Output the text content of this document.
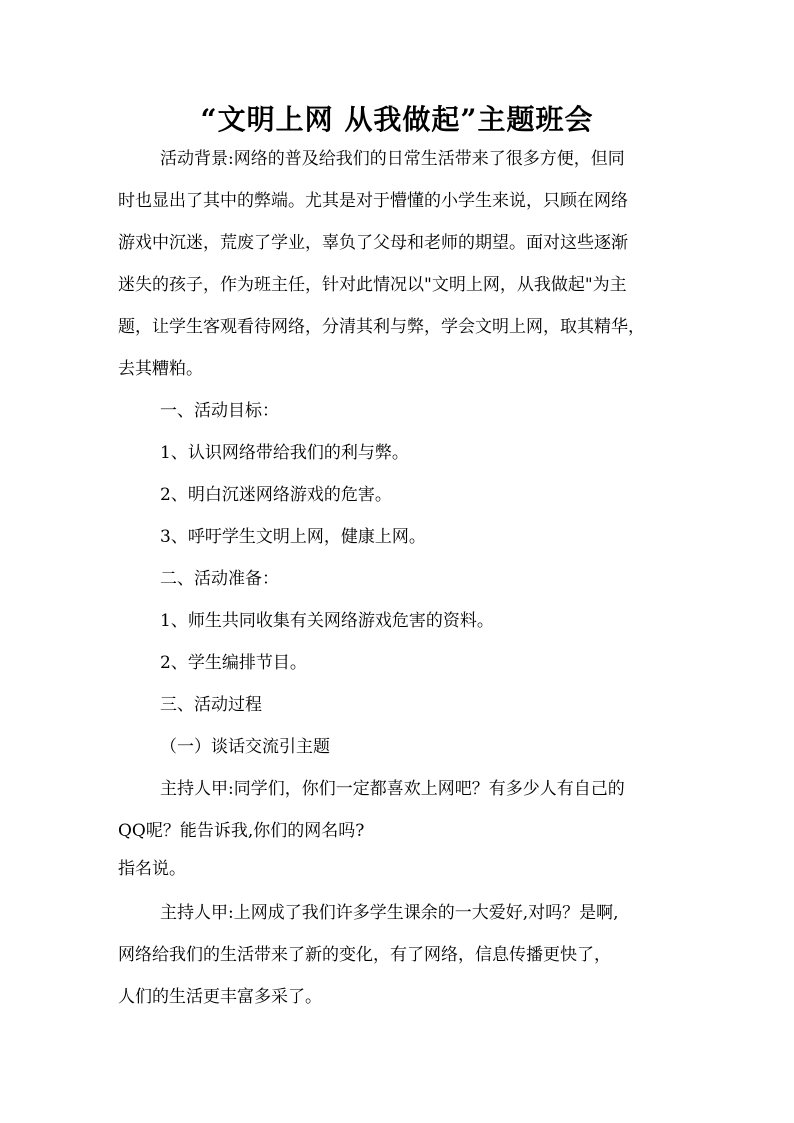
“文明上网 从我做起”主题班会
活动背景:网络的普及给我们的日常生活带来了很多方便，但同
时也显出了其中的弊端。尤其是对于懵懂的小学生来说，只顾在网络
游戏中沉迷，荒废了学业，辜负了父母和老师的期望。面对这些逐渐
迷失的孩子，作为班主任，针对此情况以"文明上网，从我做起"为主
题，让学生客观看待网络，分清其利与弊，学会文明上网，取其精华，
去其糟粕。
一、活动目标：
1、认识网络带给我们的利与弊。
2、明白沉迷网络游戏的危害。
3、呼吁学生文明上网，健康上网。
二、活动准备：
1、师生共同收集有关网络游戏危害的资料。
2、学生编排节目。
三、活动过程
（一）谈话交流引主题
主持人甲:同学们，你们一定都喜欢上网吧？有多少人有自己的
QQ呢？能告诉我,你们的网名吗?
指名说。
主持人甲:上网成了我们许多学生课余的一大爱好,对吗？是啊,
网络给我们的生活带来了新的变化，有了网络，信息传播更快了，
人们的生活更丰富多采了。
